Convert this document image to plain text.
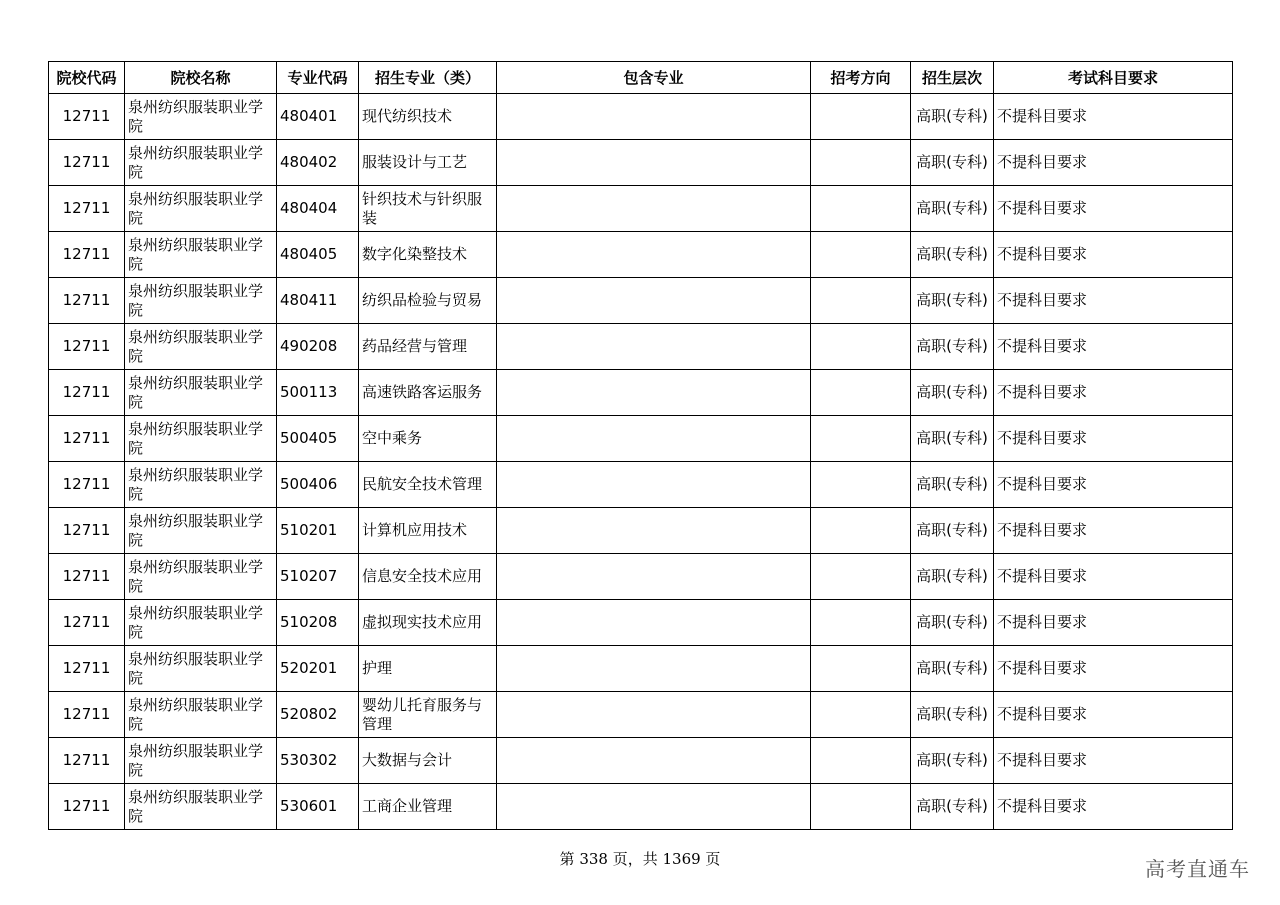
院校代码	院校名称	专业代码	招生专业（类）	包含专业	招考方向	招生层次	考试科目要求
12711	泉州纺织服装职业学院	480401	现代纺织技术			高职(专科)	不提科目要求
12711	泉州纺织服装职业学院	480402	服装设计与工艺			高职(专科)	不提科目要求
12711	泉州纺织服装职业学院	480404	针织技术与针织服装			高职(专科)	不提科目要求
12711	泉州纺织服装职业学院	480405	数字化染整技术			高职(专科)	不提科目要求
12711	泉州纺织服装职业学院	480411	纺织品检验与贸易			高职(专科)	不提科目要求
12711	泉州纺织服装职业学院	490208	药品经营与管理			高职(专科)	不提科目要求
12711	泉州纺织服装职业学院	500113	高速铁路客运服务			高职(专科)	不提科目要求
12711	泉州纺织服装职业学院	500405	空中乘务			高职(专科)	不提科目要求
12711	泉州纺织服装职业学院	500406	民航安全技术管理			高职(专科)	不提科目要求
12711	泉州纺织服装职业学院	510201	计算机应用技术			高职(专科)	不提科目要求
12711	泉州纺织服装职业学院	510207	信息安全技术应用			高职(专科)	不提科目要求
12711	泉州纺织服装职业学院	510208	虚拟现实技术应用			高职(专科)	不提科目要求
12711	泉州纺织服装职业学院	520201	护理			高职(专科)	不提科目要求
12711	泉州纺织服装职业学院	520802	婴幼儿托育服务与管理			高职(专科)	不提科目要求
12711	泉州纺织服装职业学院	530302	大数据与会计			高职(专科)	不提科目要求
12711	泉州纺织服装职业学院	530601	工商企业管理			高职(专科)	不提科目要求
第 338 页，共 1369 页	高考直通车
